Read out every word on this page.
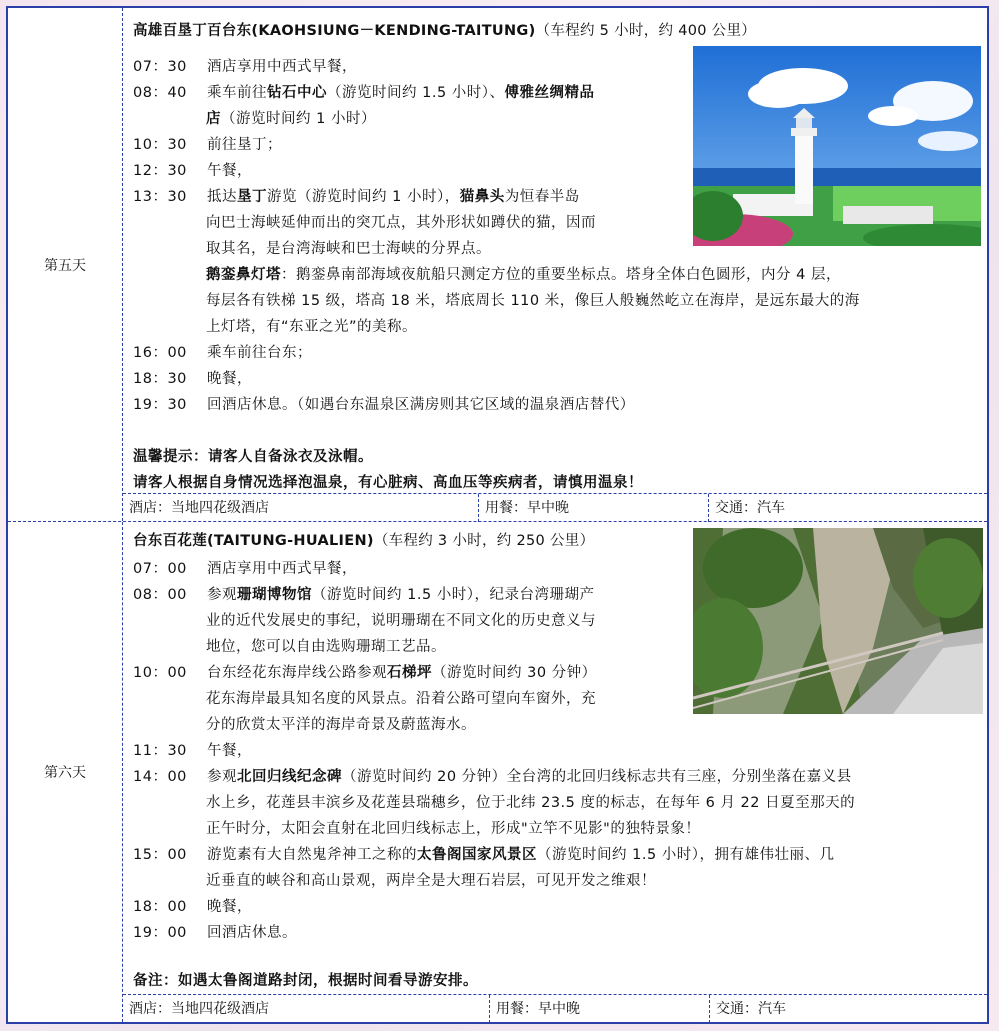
第五天
高雄百垦丁百台东(KAOHSIUNG－KENDING-TAITUNG)（车程约 5 小时，约 400 公里）
07：30 酒店享用中西式早餐，
08：40 乘车前往钻石中心（游览时间约 1.5 小时）、傅雅丝绸精品
店（游览时间约 1 小时）
10：30 前往垦丁；
12：30 午餐，
13：30 抵达垦丁游览（游览时间约 1 小时），猫鼻头为恒春半岛
向巴士海峡延伸而出的突兀点，其外形状如蹲伏的猫，因而
取其名，是台湾海峡和巴士海峡的分界点。
鹅銮鼻灯塔：鹅銮鼻南部海域夜航船只测定方位的重要坐标点。塔身全体白色圆形，内分 4 层，
每层各有铁梯 15 级，塔高 18 米，塔底周长 110 米，像巨人般巍然屹立在海岸，是远东最大的海
上灯塔，有“东亚之光”的美称。
16：00 乘车前往台东；
18：30 晚餐，
19：30 回酒店休息。（如遇台东温泉区满房则其它区域的温泉酒店替代）
温馨提示：请客人自备泳衣及泳帽。
请客人根据自身情况选择泡温泉，有心脏病、高血压等疾病者，请慎用温泉！
酒店：当地四花级酒店	用餐：早中晚	交通：汽车
第六天
台东百花莲(TAITUNG-HUALIEN)（车程约 3 小时，约 250 公里）
07：00 酒店享用中西式早餐，
08：00 参观珊瑚博物馆（游览时间约 1.5 小时），纪录台湾珊瑚产
业的近代发展史的事纪，说明珊瑚在不同文化的历史意义与
地位，您可以自由选购珊瑚工艺品。
10：00 台东经花东海岸线公路参观石梯坪（游览时间约 30 分钟）
花东海岸最具知名度的风景点。沿着公路可望向车窗外，充
分的欣赏太平洋的海岸奇景及蔚蓝海水。
11：30 午餐，
14：00 参观北回归线纪念碑（游览时间约 20 分钟）全台湾的北回归线标志共有三座，分别坐落在嘉义县
水上乡，花莲县丰滨乡及花莲县瑞穗乡，位于北纬 23.5 度的标志，在每年 6 月 22 日夏至那天的
正午时分，太阳会直射在北回归线标志上，形成"立竿不见影"的独特景象！
15：00 游览素有大自然鬼斧神工之称的太鲁阁国家风景区（游览时间约 1.5 小时），拥有雄伟壮丽、几
近垂直的峡谷和高山景观，两岸全是大理石岩层，可见开发之维艰！
18：00 晚餐，
19：00 回酒店休息。
备注：如遇太鲁阁道路封闭，根据时间看导游安排。
酒店：当地四花级酒店	用餐：早中晚	交通：汽车
